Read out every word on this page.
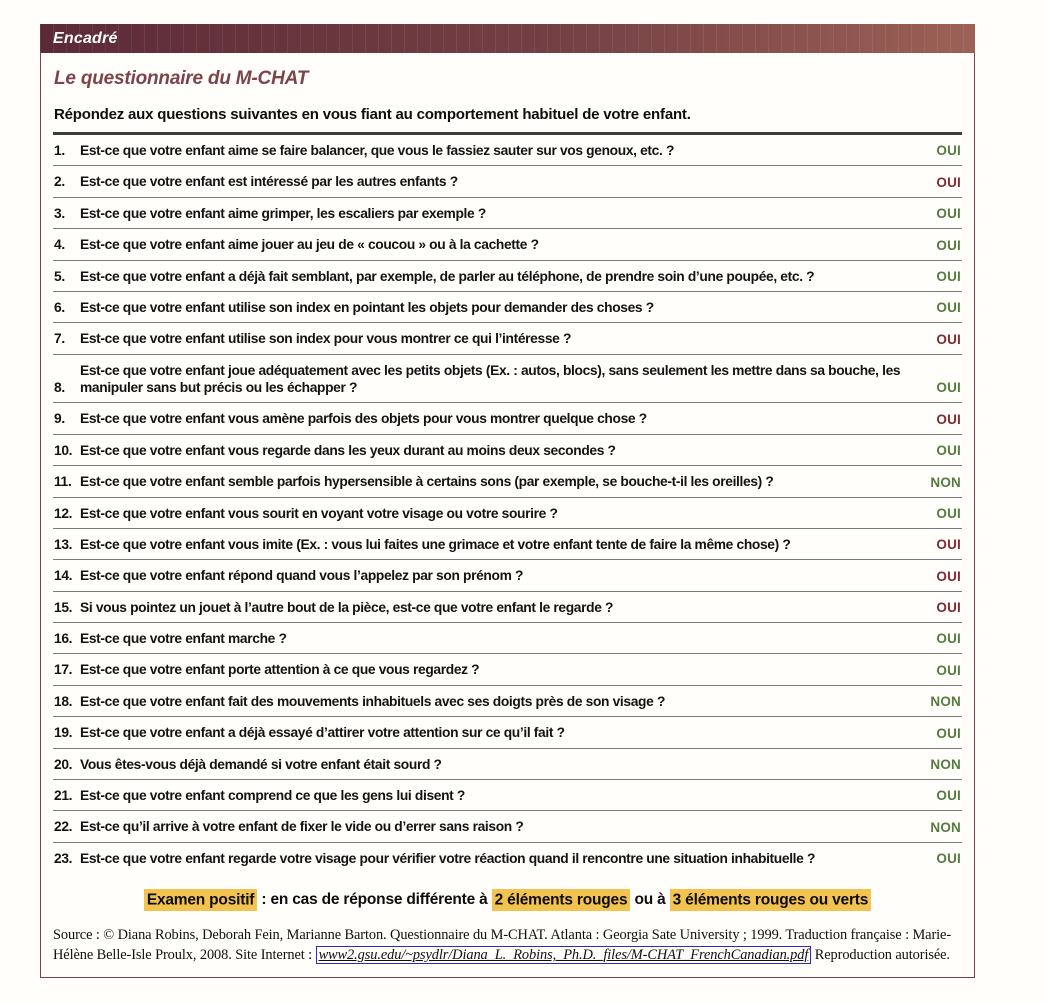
Encadré
Le questionnaire du M-CHAT

Répondez aux questions suivantes en vous fiant au comportement habituel de votre enfant.

1.	Est-ce que votre enfant aime se faire balancer, que vous le fassiez sauter sur vos genoux, etc. ?	OUI
2.	Est-ce que votre enfant est intéressé par les autres enfants ?	OUI
3.	Est-ce que votre enfant aime grimper, les escaliers par exemple ?	OUI
4.	Est-ce que votre enfant aime jouer au jeu de « coucou » ou à la cachette ?	OUI
5.	Est-ce que votre enfant a déjà fait semblant, par exemple, de parler au téléphone, de prendre soin d’une poupée, etc. ?	OUI
6.	Est-ce que votre enfant utilise son index en pointant les objets pour demander des choses ?	OUI
7.	Est-ce que votre enfant utilise son index pour vous montrer ce qui l’intéresse ?	OUI
8.
Est-ce que votre enfant joue adéquatement avec les petits objets (Ex. : autos, blocs), sans seulement les mettre dans sa bouche, les manipuler sans but précis ou les échapper ?	OUI
9.	Est-ce que votre enfant vous amène parfois des objets pour vous montrer quelque chose ?	OUI
10. Est-ce que votre enfant vous regarde dans les yeux durant au moins deux secondes ?	OUI
11. Est-ce que votre enfant semble parfois hypersensible à certains sons (par exemple, se bouche-t-il les oreilles) ?	NON
12. Est-ce que votre enfant vous sourit en voyant votre visage ou votre sourire ?	OUI
13. Est-ce que votre enfant vous imite (Ex. : vous lui faites une grimace et votre enfant tente de faire la même chose) ?	OUI
14. Est-ce que votre enfant répond quand vous l’appelez par son prénom ?	OUI
15. Si vous pointez un jouet à l’autre bout de la pièce, est-ce que votre enfant le regarde ?	OUI
16. Est-ce que votre enfant marche ?	OUI
17. Est-ce que votre enfant porte attention à ce que vous regardez ?	OUI
18. Est-ce que votre enfant fait des mouvements inhabituels avec ses doigts près de son visage ?	NON
19. Est-ce que votre enfant a déjà essayé d’attirer votre attention sur ce qu’il fait ?	OUI
20. Vous êtes-vous déjà demandé si votre enfant était sourd ?	NON
21. Est-ce que votre enfant comprend ce que les gens lui disent ?	OUI
22. Est-ce qu’il arrive à votre enfant de fixer le vide ou d’errer sans raison ?	NON
23. Est-ce que votre enfant regarde votre visage pour vérifier votre réaction quand il rencontre une situation inhabituelle ?	OUI

Examen positif : en cas de réponse différente à 2 éléments rouges ou à 3 éléments rouges ou verts

Source : © Diana Robins, Deborah Fein, Marianne Barton. Questionnaire du M-CHAT. Atlanta : Georgia Sate University ; 1999. Traduction française : Marie-Hélène Belle-Isle Proulx, 2008. Site Internet : www2.gsu.edu/~psydlr/Diana_L._Robins,_Ph.D._files/M-CHAT_FrenchCanadian.pdf Reproduction autorisée.
